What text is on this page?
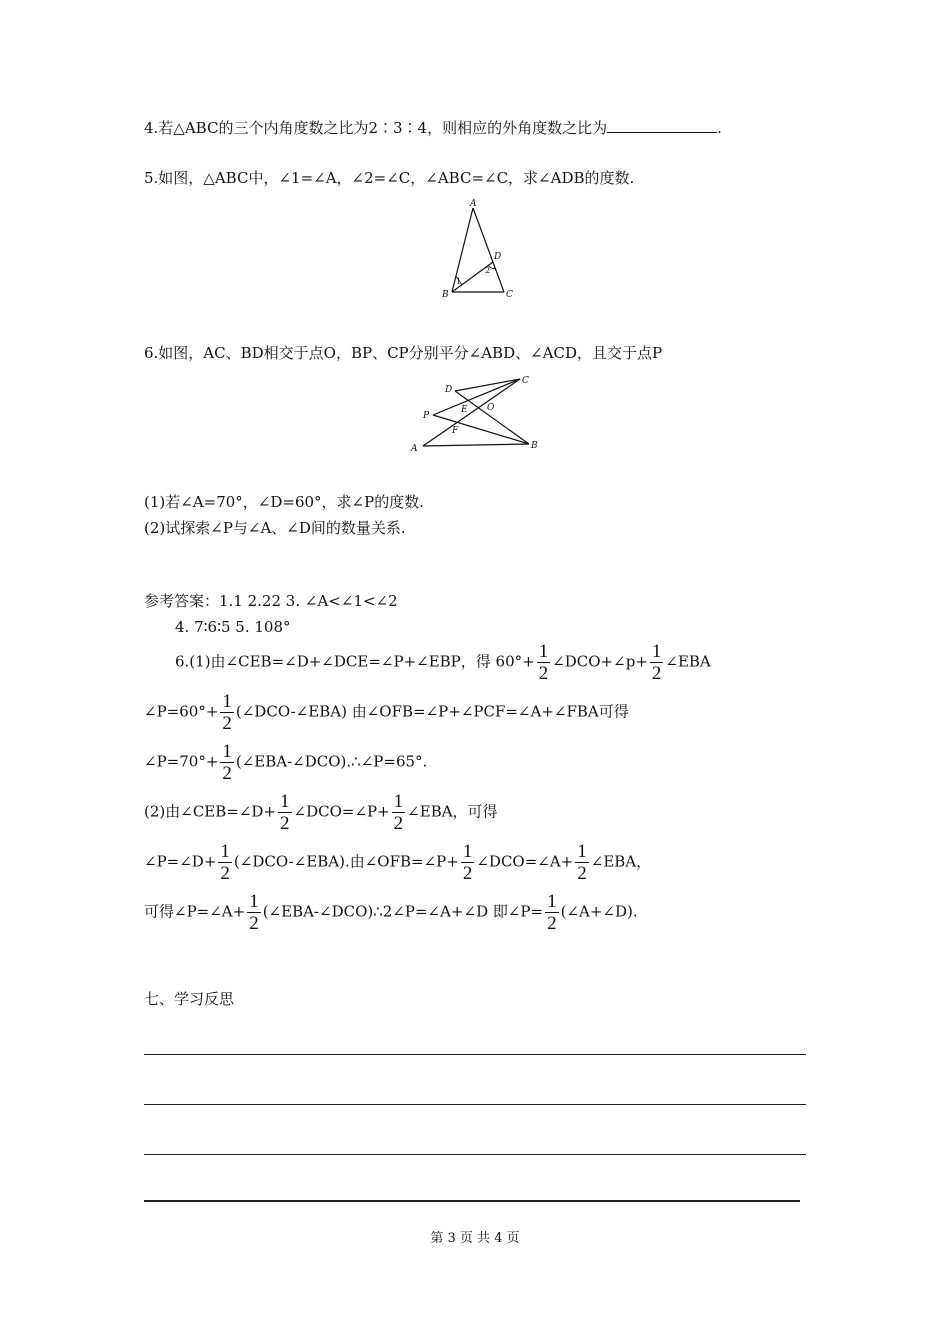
4.若△ABC的三个内角度数之比为2∶3∶4，则相应的外角度数之比为	.
5.如图，△ABC中，∠1=∠A，∠2=∠C，∠ABC=∠C，求∠ADB的度数.
A
B	C
D
1
2
6.如图，AC、BD相交于点O，BP、CP分别平分∠ABD、∠ACD，且交于点P
D
C
P
E O
F
A	B
(1)若∠A=70°，∠D=60°，求∠P的度数.
(2)试探索∠P与∠A、∠D间的数量关系.
参考答案：1.1 2.22 3. ∠A<∠1<∠2
4. 7∶6∶5 5. 108°
6.(1)由∠CEB=∠D+∠DCE=∠P+∠EBP，得 $60^\circ+ \frac{1}{2}$ ∠DCO+∠p+ $\frac{1}{2}$ ∠EBA
∠P=60°+ $\frac{1}{2}$ (∠DCO-∠EBA) 由∠OFB=∠P+∠PCF=∠A+∠FBA可得
∠P=70°+ $\frac{1}{2}$ (∠EBA-∠DCO).∴∠P=65°.
(2)由∠CEB=∠D+ $\frac{1}{2}$ ∠DCO=∠P+ $\frac{1}{2}$ ∠EBA，可得
∠P=∠D+ $\frac{1}{2}$ (∠DCO-∠EBA).由∠OFB=∠P+ $\frac{1}{2}$ ∠DCO=∠A+ $\frac{1}{2}$ ∠EBA，
可得∠P=∠A+ $\frac{1}{2}$ (∠EBA-∠DCO)∴2∠P=∠A+∠D 即∠P= $\frac{1}{2}$ (∠A+∠D).
七、学习反思
第 3 页 共 4 页
